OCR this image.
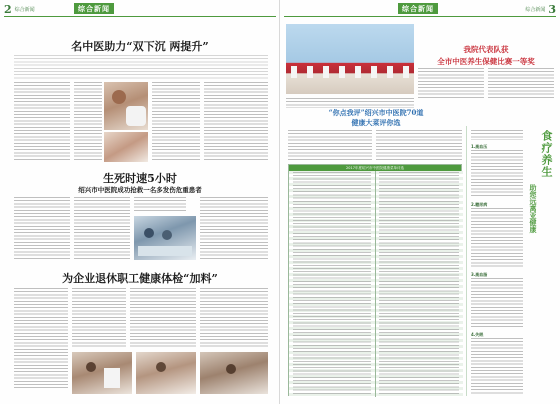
2 综合新闻	综合新闻
名中医助力“双下沉 两提升”
生死时速5小时
绍兴市中医院成功抢救一名多发伤危重患者
为企业退休职工健康体检“加料”
综合新闻	综合新闻 3
我院代表队获
全市中医养生保健比赛一等奖
“你点我评”绍兴市中医院70道
健康大菜评你选
2017年度绍兴市中医院健康菜单评选
1.高血压
2.糖尿病
3.高血脂
4.失眠
食疗养生
助您远离亚健康
